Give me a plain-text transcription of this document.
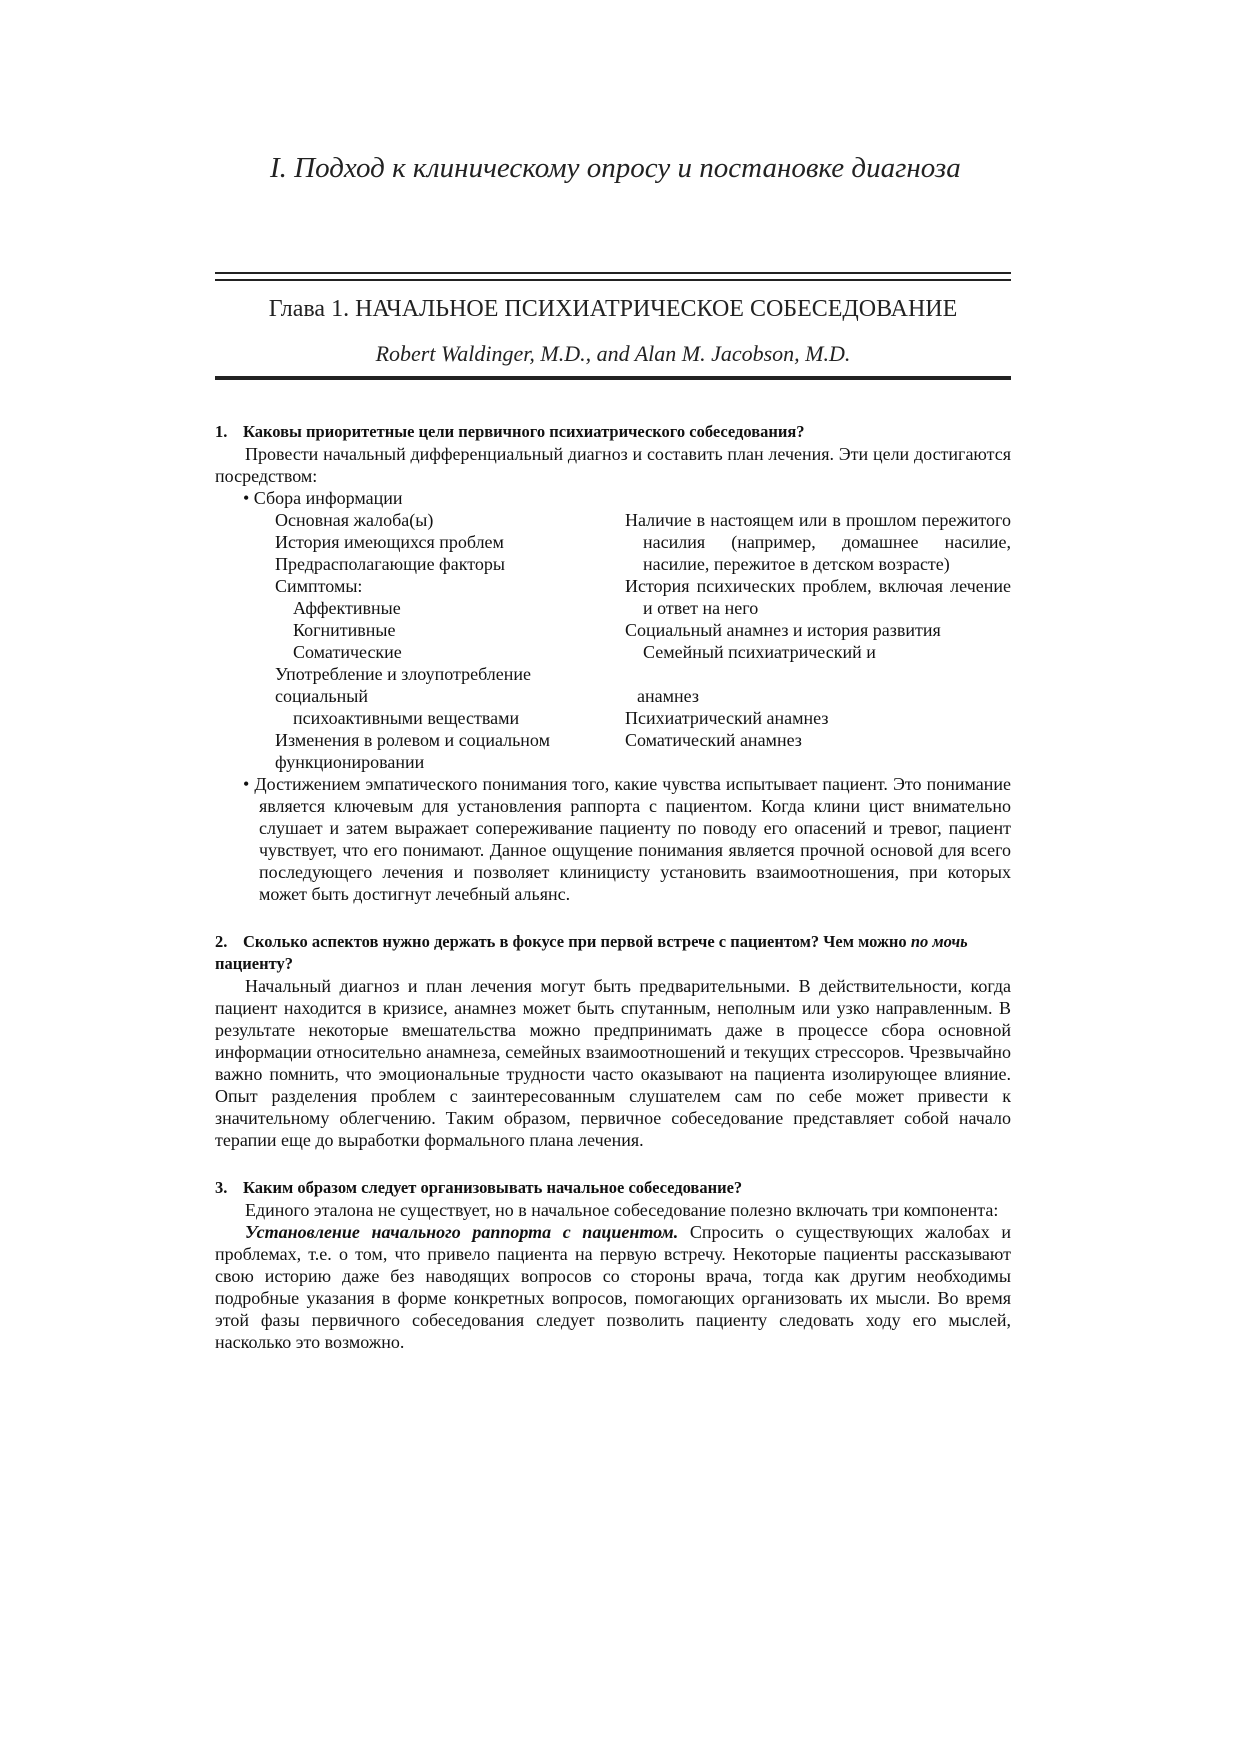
I. Подход к клиническому опросу и постановке диагноза
Глава 1. НАЧАЛЬНОЕ ПСИХИАТРИЧЕСКОЕ СОБЕСЕДОВАНИЕ
Robert Waldinger, M.D., and Alan M. Jacobson, M.D.

1. Каковы приоритетные цели первичного психиатрического собеседования?

Провести начальный дифференциальный диагноз и составить план лечения. Эти цели достигаются посредством:

• Сбора информации

Основная жалоба(ы)
История имеющихся проблем
Предрасполагающие факторы
Симптомы:
Аффективные
Когнитивные
Соматические
Употребление и злоупотребление социальный
психоактивными веществами
Изменения в ролевом и социальном функционировании
Наличие в настоящем или в прошлом пережитого насилия (например, домашнее насилие, насилие, пережитое в детском возрасте)
История психических проблем, включая лечение и ответ на него
Социальный анамнез и история развития
Семейный психиатрический и
анамнез
Психиатрический анамнез
Соматический анамнез

• Достижением эмпатического понимания того, какие чувства испытывает пациент. Это понимание является ключевым для установления раппорта с пациентом. Когда клини цист внимательно слушает и затем выражает сопереживание пациенту по поводу его опасений и тревог, пациент чувствует, что его понимают. Данное ощущение понимания является прочной основой для всего последующего лечения и позволяет клиницисту установить взаимоотношения, при которых может быть достигнут лечебный альянс.

2. Сколько аспектов нужно держать в фокусе при первой встрече с пациентом? Чем можно по мочь пациенту?

Начальный диагноз и план лечения могут быть предварительными. В действительности, когда пациент находится в кризисе, анамнез может быть спутанным, неполным или узко направленным. В результате некоторые вмешательства можно предпринимать даже в процессе сбора основной информации относительно анамнеза, семейных взаимоотношений и текущих стрессоров. Чрезвычайно важно помнить, что эмоциональные трудности часто оказывают на пациента изолирующее влияние. Опыт разделения проблем с заинтересованным слушателем сам по себе может привести к значительному облегчению. Таким образом, первичное собеседование представляет собой начало терапии еще до выработки формального плана лечения.

3. Каким образом следует организовывать начальное собеседование?

Единого эталона не существует, но в начальное собеседование полезно включать три компонента:

Установление начального раппорта с пациентом. Спросить о существующих жалобах и проблемах, т.е. о том, что привело пациента на первую встречу. Некоторые пациенты рассказывают свою историю даже без наводящих вопросов со стороны врача, тогда как другим необходимы подробные указания в форме конкретных вопросов, помогающих организовать их мысли. Во время этой фазы первичного собеседования следует позволить пациенту следовать ходу его мыслей, насколько это возможно.
